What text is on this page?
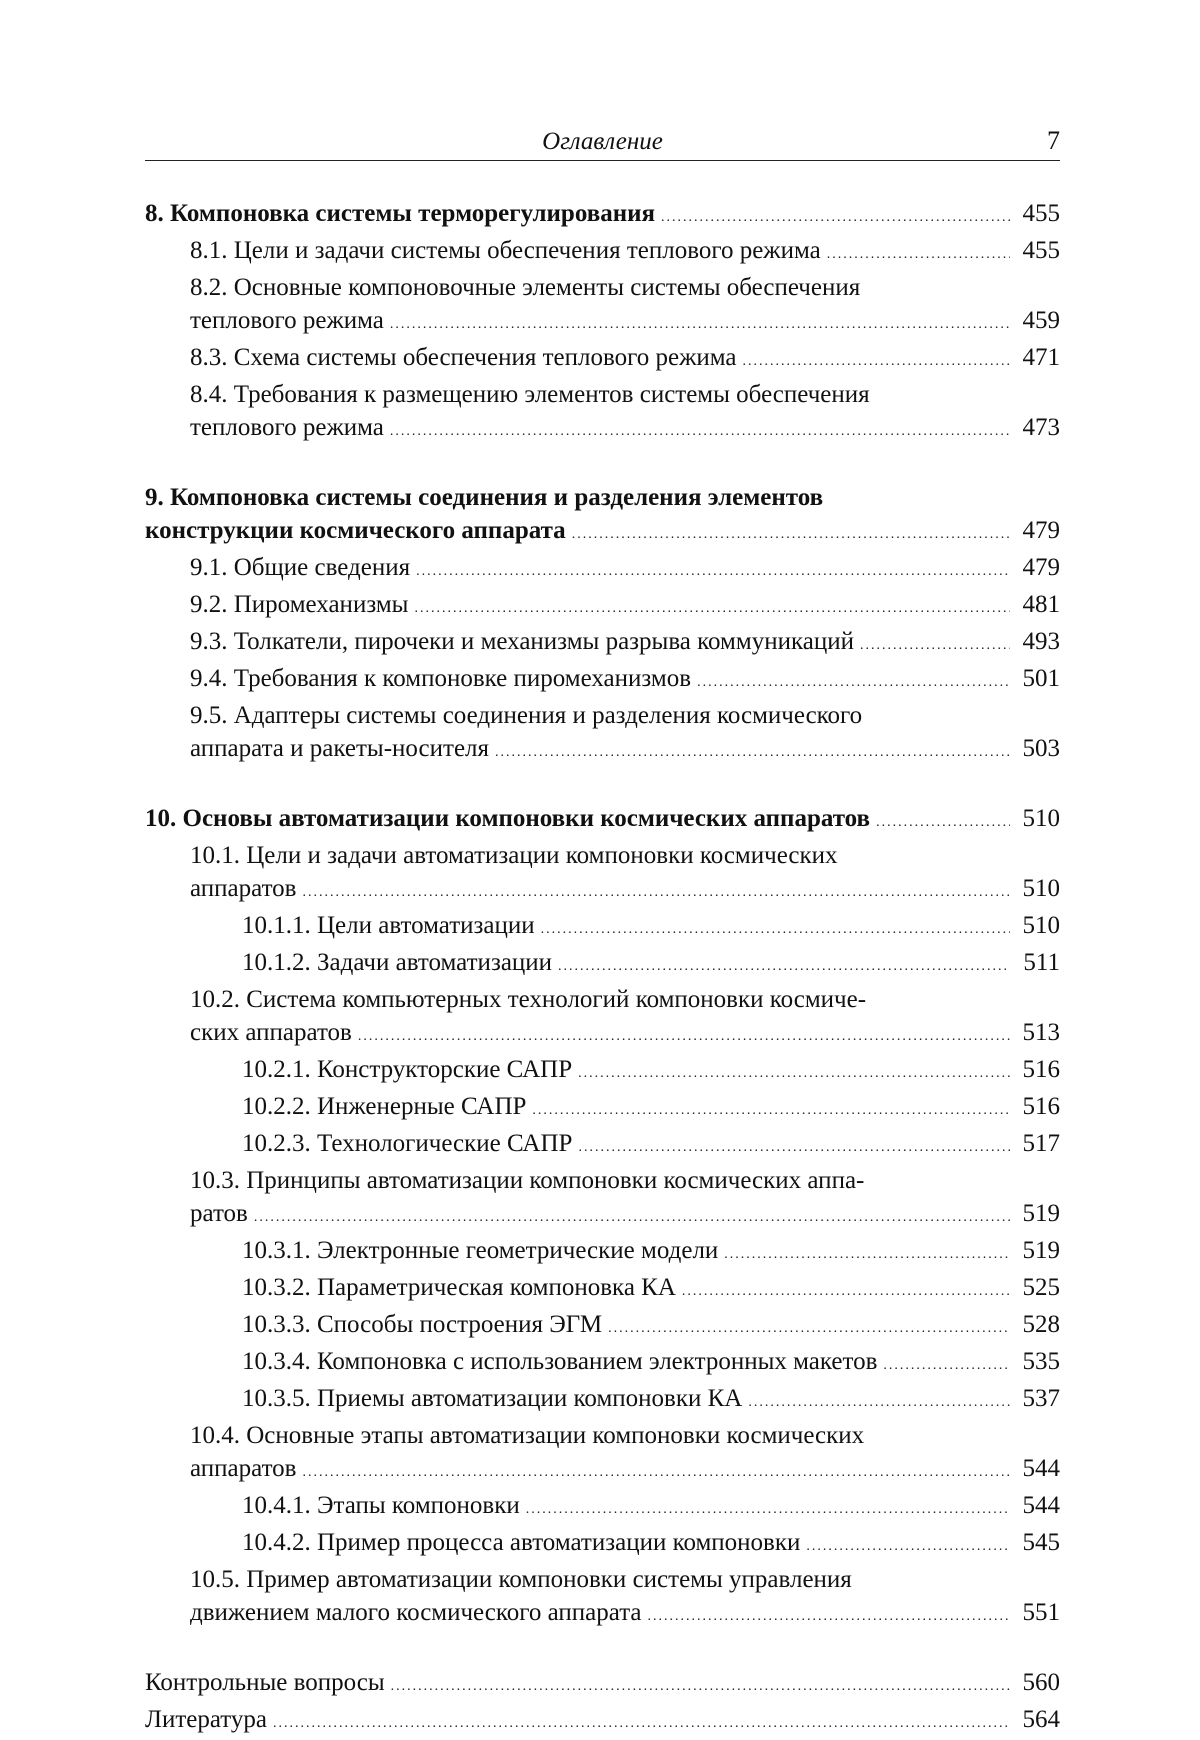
Оглавление	7
8. Компоновка системы терморегулирования .....	455
8.1. Цели и задачи системы обеспечения теплового режима .....	455
8.2. Основные компоновочные элементы системы обеспечения
теплового режима .....	459
8.3. Схема системы обеспечения теплового режима .....	471
8.4. Требования к размещению элементов системы обеспечения
теплового режима .....	473
9. Компоновка системы соединения и разделения элементов
конструкции космического аппарата .....	479
9.1. Общие сведения .....	479
9.2. Пиромеханизмы .....	481
9.3. Толкатели, пирочеки и механизмы разрыва коммуникаций .....	493
9.4. Требования к компоновке пиромеханизмов .....	501
9.5. Адаптеры системы соединения и разделения космического
аппарата и ракеты-носителя .....	503
10. Основы автоматизации компоновки космических аппаратов .....	510
10.1. Цели и задачи автоматизации компоновки космических
аппаратов .....	510
10.1.1. Цели автоматизации .....	510
10.1.2. Задачи автоматизации .....	511
10.2. Система компьютерных технологий компоновки космиче-
ских аппаратов .....	513
10.2.1. Конструкторские САПР .....	516
10.2.2. Инженерные САПР .....	516
10.2.3. Технологические САПР .....	517
10.3. Принципы автоматизации компоновки космических аппа-
ратов .....	519
10.3.1. Электронные геометрические модели .....	519
10.3.2. Параметрическая компоновка КА .....	525
10.3.3. Способы построения ЭГМ .....	528
10.3.4. Компоновка с использованием электронных макетов .....	535
10.3.5. Приемы автоматизации компоновки КА .....	537
10.4. Основные этапы автоматизации компоновки космических
аппаратов .....	544
10.4.1. Этапы компоновки .....	544
10.4.2. Пример процесса автоматизации компоновки .....	545
10.5. Пример автоматизации компоновки системы управления
движением малого космического аппарата .....	551
Контрольные вопросы .....	560
Литература .....	564
